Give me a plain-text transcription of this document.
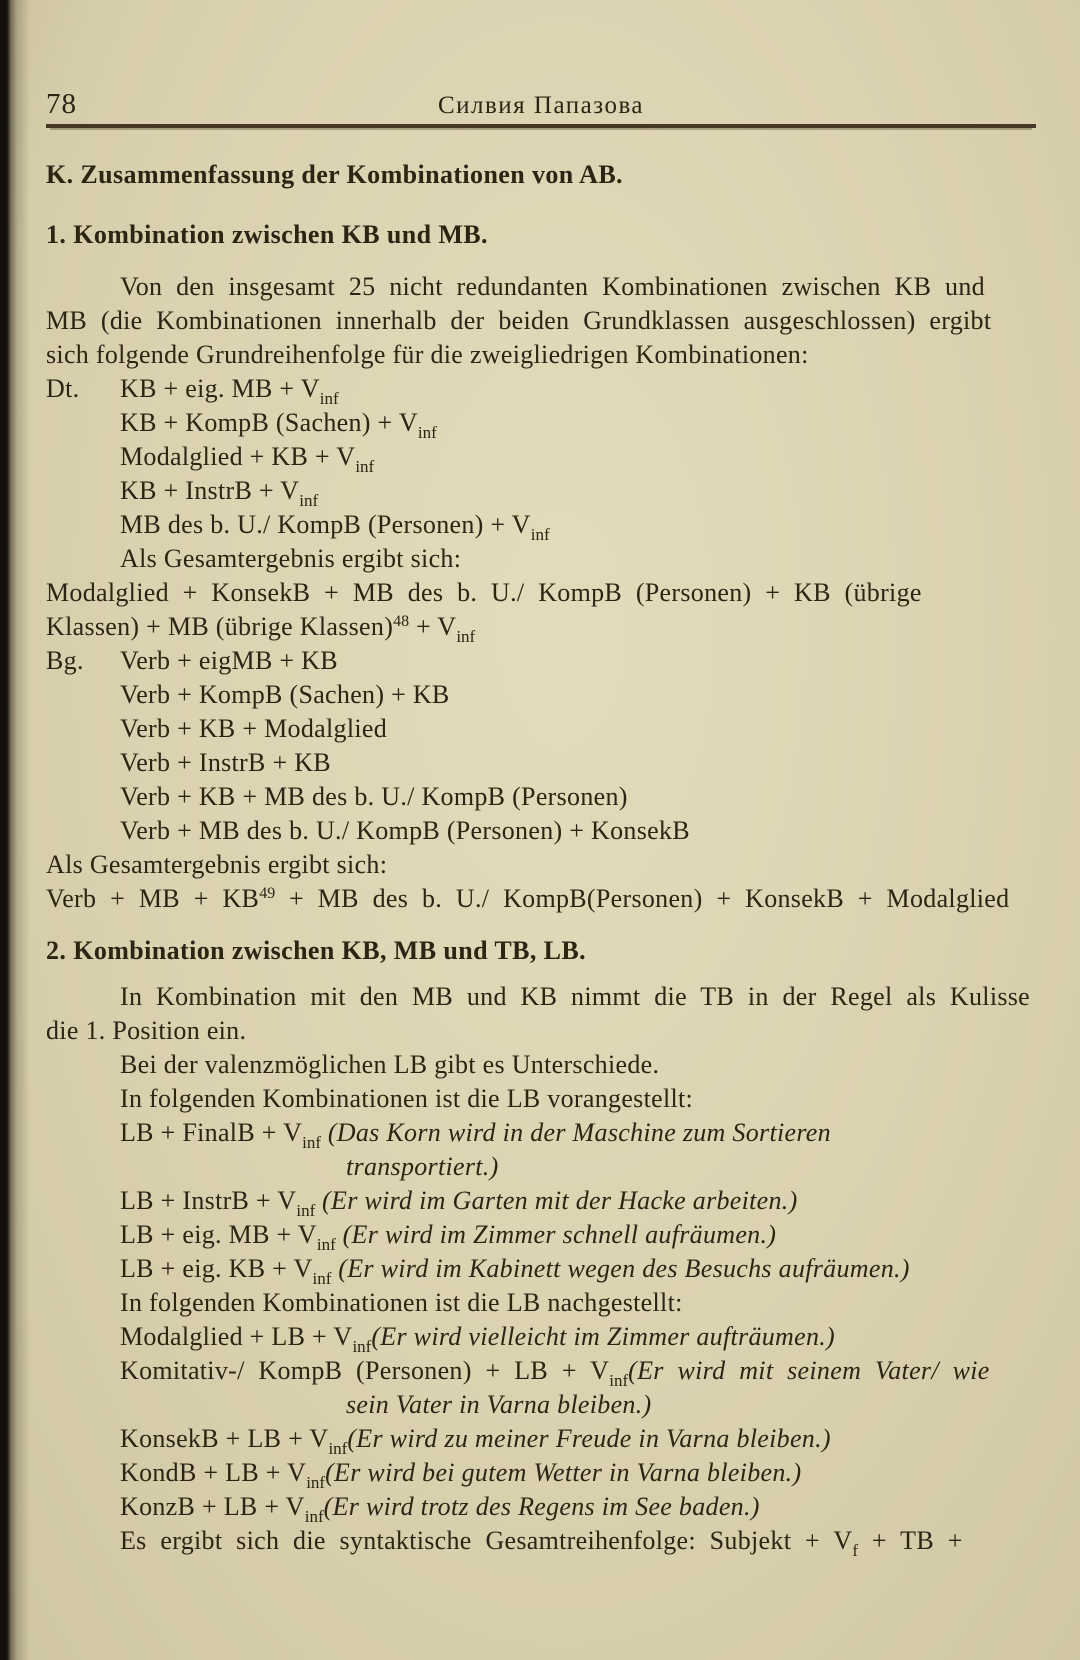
78	Силвия Папазова
K. Zusammenfassung der Kombinationen von AB.
1. Kombination zwischen KB und MB.
Von den insgesamt 25 nicht redundanten Kombinationen zwischen KB und
MB (die Kombinationen innerhalb der beiden Grundklassen ausgeschlossen) ergibt
sich folgende Grundreihenfolge für die zweigliedrigen Kombinationen:
Dt. KB + eig. MB + $V_{inf}$
KB + KompB (Sachen) + $V_{inf}$
Modalglied + KB + $V_{inf}$
KB + InstrB + $V_{inf}$
MB des b. U./ KompB (Personen) + $V_{inf}$
Als Gesamtergebnis ergibt sich:
Modalglied + KonsekB + MB des b. U./ KompB (Personen) + KB (übrige
Klassen) + MB (übrige Klassen)$^{48}$ + $V_{inf}$
Bg. Verb + eigMB + KB
Verb + KompB (Sachen) + KB
Verb + KB + Modalglied
Verb + InstrB + KB
Verb + KB + MB des b. U./ KompB (Personen)
Verb + MB des b. U./ KompB (Personen) + KonsekB
Als Gesamtergebnis ergibt sich:
Verb + MB + $KB^{49}$ + MB des b. U./ KompB(Personen) + KonsekB + Modalglied
2. Kombination zwischen KB, MB und TB, LB.
In Kombination mit den MB und KB nimmt die TB in der Regel als Kulisse
die 1. Position ein.
Bei der valenzmöglichen LB gibt es Unterschiede.
In folgenden Kombinationen ist die LB vorangestellt:
LB + FinalB + $V_{inf}$ (Das Korn wird in der Maschine zum Sortieren
transportiert.)
LB + InstrB + $V_{inf}$ (Er wird im Garten mit der Hacke arbeiten.)
LB + eig. MB + $V_{inf}$ (Er wird im Zimmer schnell aufräumen.)
LB + eig. KB + $V_{inf}$ (Er wird im Kabinett wegen des Besuchs aufräumen.)
In folgenden Kombinationen ist die LB nachgestellt:
Modalglied + LB + $V_{inf}(Er$ wird vielleicht im Zimmer aufträumen.)
Komitativ-/ KompB (Personen) + LB + $V_{inf}(Er$ wird mit seinem Vater/ wie
sein Vater in Varna bleiben.)
KonsekB + LB + $V_{inf}(Er$ wird zu meiner Freude in Varna bleiben.)
KondB + LB + $V_{inf}(Er$ wird bei gutem Wetter in Varna bleiben.)
KonzB + LB + $V_{inf}(Er$ wird trotz des Regens im See baden.)
Es ergibt sich die syntaktische Gesamtreihenfolge: Subjekt + $V_f$ + TB +
